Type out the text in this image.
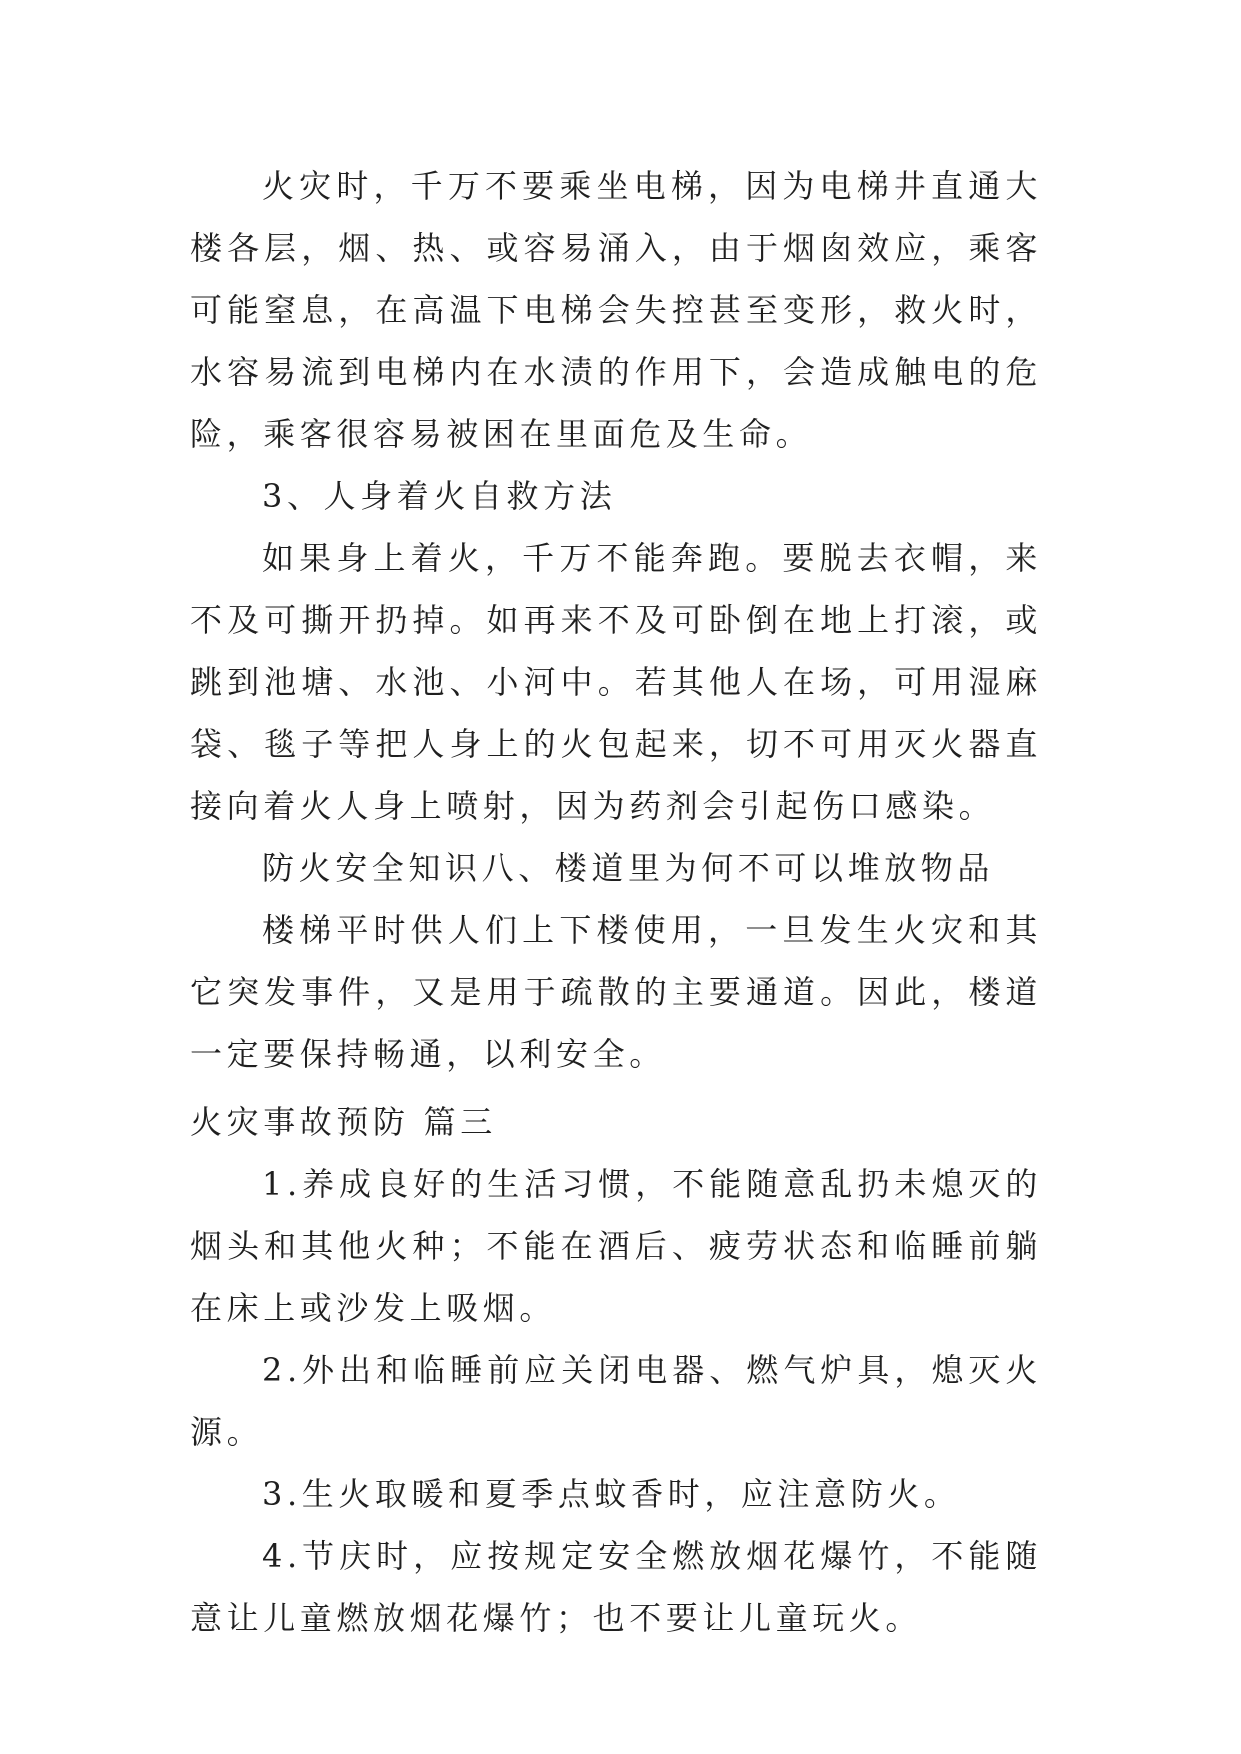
火灾时，千万不要乘坐电梯，因为电梯井直通大楼各层，烟、热、或容易涌入，由于烟囱效应，乘客可能窒息，在高温下电梯会失控甚至变形，救火时，水容易流到电梯内在水渍的作用下，会造成触电的危险，乘客很容易被困在里面危及生命。

3、人身着火自救方法

如果身上着火，千万不能奔跑。要脱去衣帽，来不及可撕开扔掉。如再来不及可卧倒在地上打滚，或跳到池塘、水池、小河中。若其他人在场，可用湿麻袋、毯子等把人身上的火包起来，切不可用灭火器直接向着火人身上喷射，因为药剂会引起伤口感染。

防火安全知识八、楼道里为何不可以堆放物品

楼梯平时供人们上下楼使用，一旦发生火灾和其它突发事件，又是用于疏散的主要通道。因此，楼道一定要保持畅通，以利安全。

火灾事故预防 篇三

1.养成良好的生活习惯，不能随意乱扔未熄灭的烟头和其他火种；不能在酒后、疲劳状态和临睡前躺在床上或沙发上吸烟。

2.外出和临睡前应关闭电器、燃气炉具，熄灭火源。

3.生火取暖和夏季点蚊香时，应注意防火。

4.节庆时，应按规定安全燃放烟花爆竹，不能随意让儿童燃放烟花爆竹；也不要让儿童玩火。
